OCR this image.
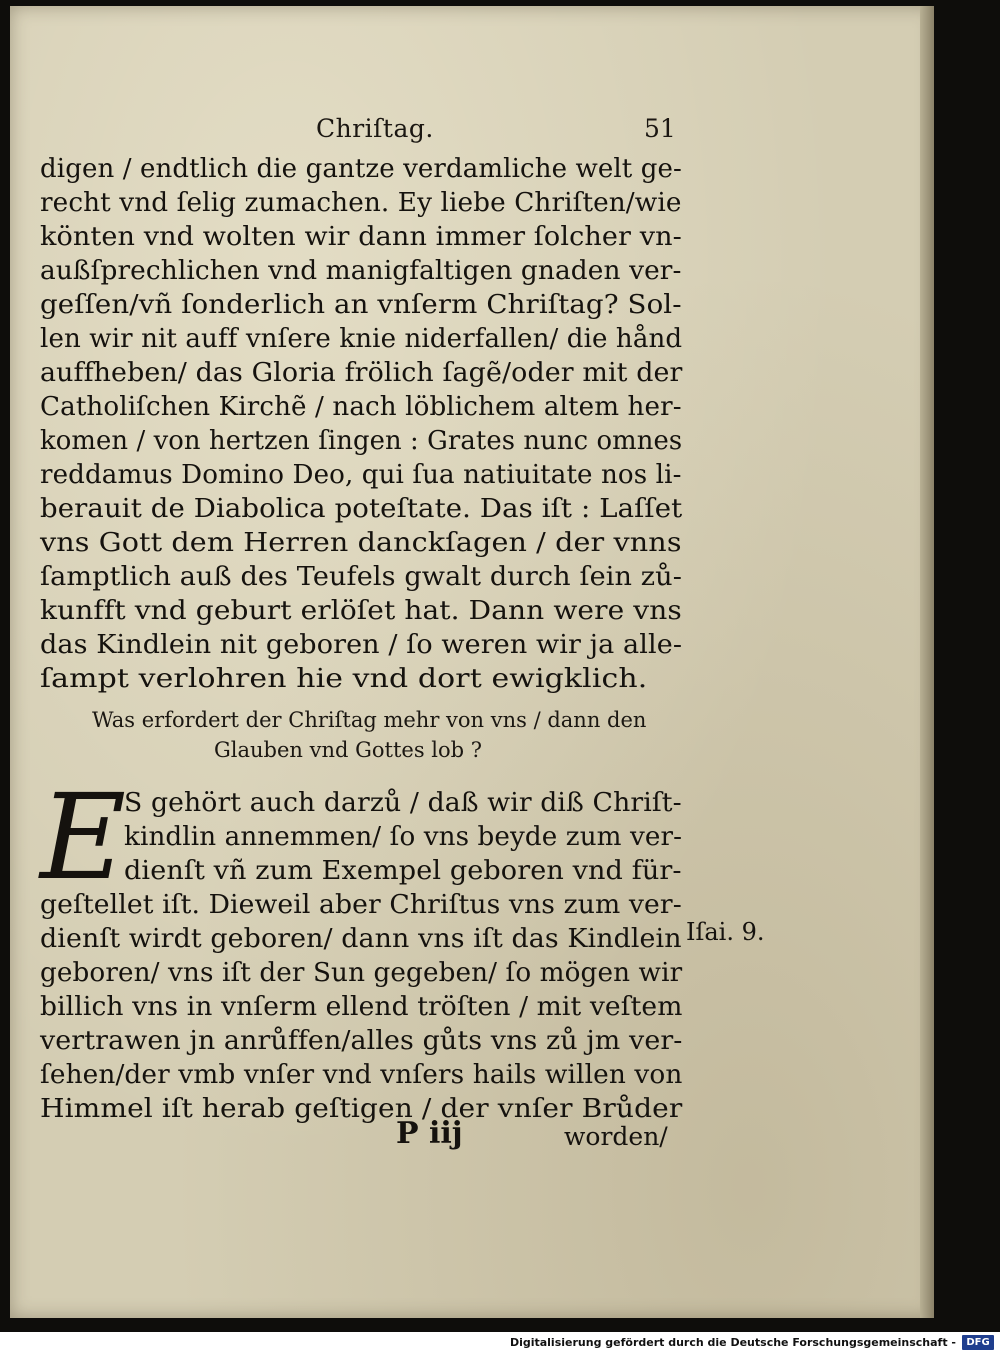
Chriſtag.	51
digen / endtlich die gantze verdamliche welt ge-
recht vnd ſelig zumachen. Ey liebe Chriſten/wie
kӧnten vnd wolten wir dann immer ſolcher vn-
außſprechlichen vnd manigfaltigen gnaden ver-
geſſen/vñ ſonderlich an vnſerm Chriſtag? Sol-
len wir nit auff vnſere knie niderfallen/ die hånd
auffheben/ das Gloria frӧlich ſagẽ/oder mit der
Catholiſchen Kirchẽ / nach lӧblichem altem her-
komen / von hertzen ſingen : Grates nunc omnes
reddamus Domino Deo, qui ſua natiuitate nos li-
berauit de Diabolica poteſtate. Das iſt : Laſſet
vns Gott dem Herren danckſagen / der vnns
ſamptlich auß des Teufels gwalt durch ſein zů-
kunfft vnd geburt erlӧſet hat. Dann were vns
das Kindlein nit geboren / ſo weren wir ja alle-
ſampt verlohren hie vnd dort ewigklich.
Was erfordert der Chriſtag mehr von vns / dann den
Glauben vnd Gottes lob ?
E
S gehӧrt auch darzů / daß wir diß Chriſt-
kindlin annemmen/ ſo vns beyde zum ver-
dienſt vñ zum Exempel geboren vnd für-
geſtellet iſt. Dieweil aber Chriſtus vns zum ver-
dienſt wirdt geboren/ dann vns iſt das Kindlein
geboren/ vns iſt der Sun gegeben/ ſo mӧgen wir
billich vns in vnſerm ellend trӧſten / mit veſtem
vertrawen jn anrůffen/alles gůts vns zů jm ver-
ſehen/der vmb vnſer vnd vnſers hails willen von
Himmel iſt herab geſtigen / der vnſer Brůder
Iſai. 9.
P iij	worden/
Digitalisierung gefördert durch die Deutsche Forschungsgemeinschaft -	DFG
